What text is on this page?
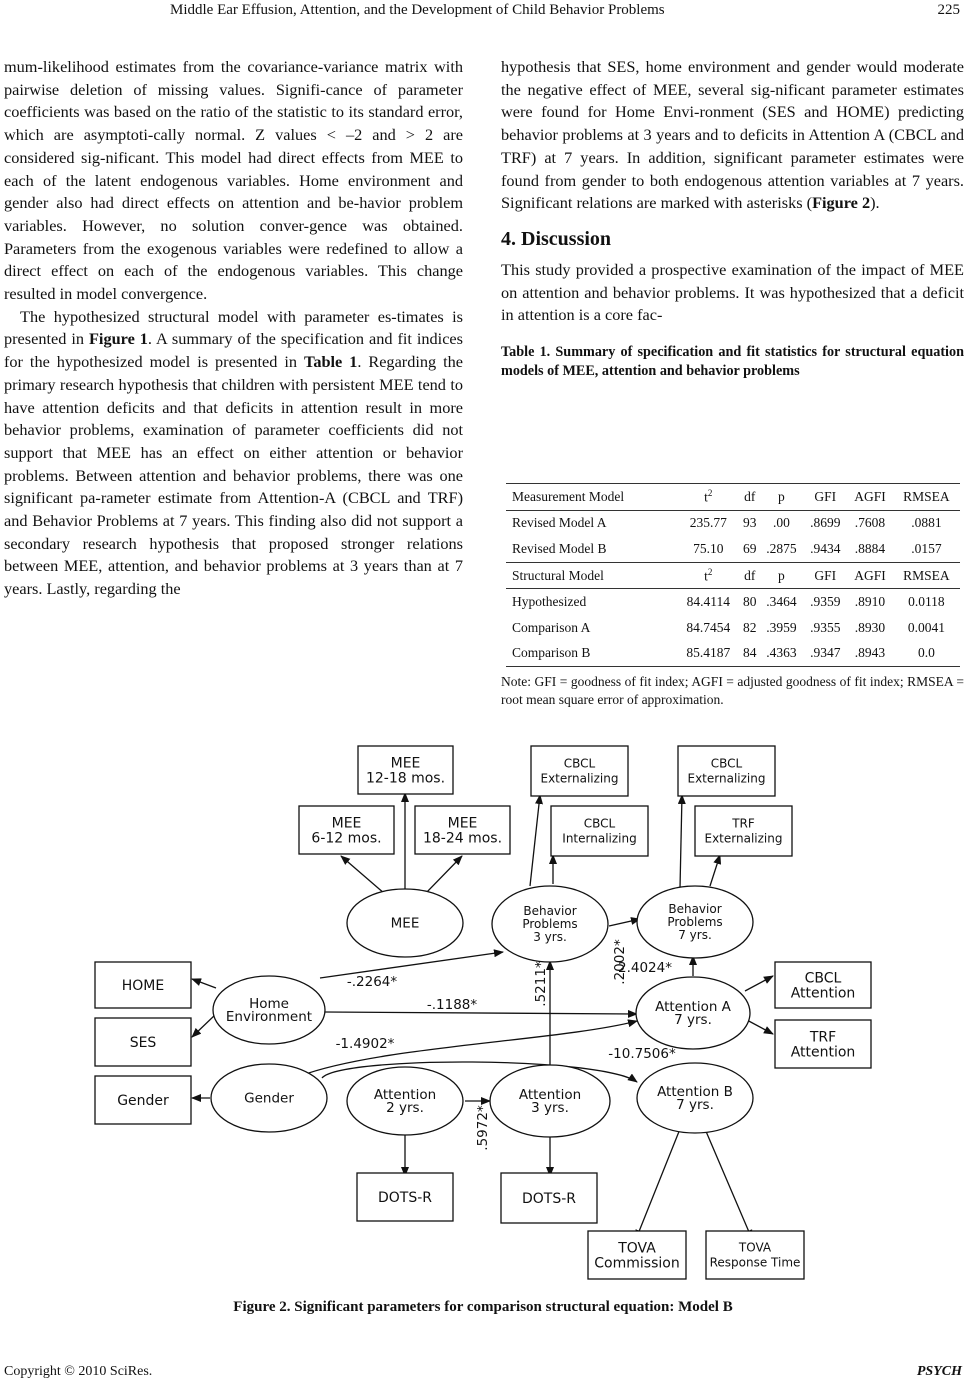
Middle Ear Effusion, Attention, and the Development of Child Behavior Problems	225

mum-likelihood estimates from the covariance-variance matrix with pairwise deletion of missing values. Signifi-cance of parameter coefficients was based on the ratio of the statistic to its standard error, which are asymptoti-cally normal. Z values < –2 and > 2 are considered sig-nificant. This model had direct effects from MEE to each of the latent endogenous variables. Home environment and gender also had direct effects on attention and be-havior problem variables. However, no solution conver-gence was obtained. Parameters from the exogenous variables were redefined to allow a direct effect on each of the endogenous variables. This change resulted in model convergence.

The hypothesized structural model with parameter es-timates is presented in Figure 1. A summary of the specification and fit indices for the hypothesized model is presented in Table 1. Regarding the primary research hypothesis that children with persistent MEE tend to have attention deficits and that deficits in attention result in more behavior problems, examination of parameter coefficients did not support that MEE has an effect on either attention or behavior problems. Between attention and behavior problems, there was one significant pa-rameter estimate from Attention-A (CBCL and TRF) and Behavior Problems at 7 years. This finding also did not support a secondary research hypothesis that proposed stronger relations between MEE, attention, and behavior problems at 3 years than at 7 years. Lastly, regarding the

hypothesis that SES, home environment and gender would moderate the negative effect of MEE, several sig-nificant parameter estimates were found for Home Envi-ronment (SES and HOME) predicting behavior problems at 3 years and to deficits in Attention A (CBCL and TRF) at 7 years. In addition, significant parameter estimates were found from gender to both endogenous attention variables at 7 years. Significant relations are marked with asterisks (Figure 2).

4. Discussion

This study provided a prospective examination of the impact of MEE on attention and behavior problems. It was hypothesized that a deficit in attention is a core fac-

Table 1. Summary of specification and fit statistics for structural equation models of MEE, attention and behavior problems
Measurement Model	$t^2$	df	p	GFI	AGFI	RMSEA
Revised Model A	235.77	93	.00	.8699	.7608	.0881
Revised Model B	75.10	69	.2875	.9434	.8884	.0157
Structural Model	$t^2$	df	p	GFI	AGFI	RMSEA
Hypothesized	84.4114	80	.3464	.9359	.8910	0.0118
Comparison A	84.7454	82	.3959	.9355	.8930	0.0041
Comparison B	85.4187	84	.4363	.9347	.8943	0.0
Note: GFI = goodness of fit index; AGFI = adjusted goodness of fit index; RMSEA = root mean square error of approximation.
MEE
12-18 mos.
MEE
6-12 mos.
MEE
18-24 mos.
CBCL
Externalizing
CBCL
Internalizing
CBCL
Externalizing
TRF
Externalizing
HOME
SES
Gender
CBCL
Attention
TRF
Attention
DOTS-R	DOTS-R
TOVA
Commission
TOVA
Response Time
MEE
Behavior
Problems
3 yrs.
Behavior
Problems
7 yrs.
Home
Environment
Attention A
7 yrs.
Gender	Attention
2 yrs.
Attention
3 yrs.
Attention B
7 yrs.
-.2264*
-.1188*
-1.4902*
-10.7506*
.2002*
2.4024*
.5211*
.5972*
Figure 2. Significant parameters for comparison structural equation: Model B
Copyright © 2010 SciRes.	PSYCH
